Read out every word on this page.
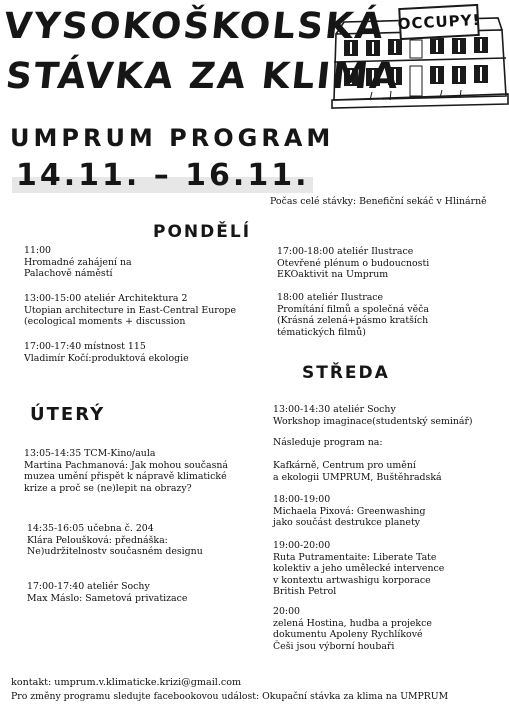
OCCUPY!
VYSOKOŠKOLSKÁ
STÁVKA ZA KLIMA
UMPRUM PROGRAM
14.11. – 16.11.
Počas celé stávky: Benefiční sekáč v Hlinárně
PONDĚLÍ
ÚTERÝ
STŘEDA
11:00
Hromadné zahájení na
Palachově náměstí
13:00-15:00 ateliér Architektura 2
Utopian architecture in East-Central Europe
(ecological moments + discussion
17:00-17:40 místnost 115
Vladimír Kočí:produktová ekologie
17:00-18:00 ateliér Ilustrace
Otevřené plénum o budoucnosti
EKOaktivit na Umprum
18:00 ateliér Ilustrace
Promítání filmů a společná věča
(Krásná zelená+pásmo kratších
tématických filmů)
13:05-14:35 TCM-Kino/aula
Martina Pachmanová: Jak mohou současná
muzea umění přispět k nápravě klimatické
krize a proč se (ne)lepit na obrazy?
14:35-16:05 učebna č. 204
Klára Peloušková: přednáška:
Ne)udržitelnostv současném designu
17:00-17:40 ateliér Sochy
Max Máslo: Sametová privatizace
13:00-14:30 ateliér Sochy
Workshop imaginace(studentský seminář)
Následuje program na:
Kafkárně, Centrum pro umění
a ekologii UMPRUM, Buštěhradská
18:00-19:00
Michaela Pixová: Greenwashing
jako součást destrukce planety
19:00-20:00
Ruta Putramentaite: Liberate Tate
kolektiv a jeho umělecké intervence
v kontextu artwashigu korporace
British Petrol
20:00
zelená Hostina, hudba a projekce
dokumentu Apoleny Rychlíkové
Češi jsou výborní houbaři
kontakt: umprum.v.klimaticke.krizi@gmail.com
Pro změny programu sledujte facebookovou událost: Okupační stávka za klima na UMPRUM
